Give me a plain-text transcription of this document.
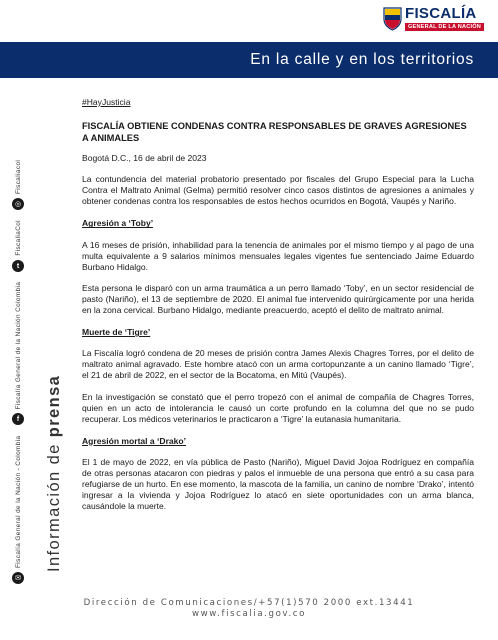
FISCALÍA
GENERAL DE LA NACIÓN
En la calle y en los territorios
Información de prensa
✉
Fiscalía General de la Nación - Colombia
f
Fiscalía General de la Nación Colombia
t
FiscaliaCol
◎
Fiscaliacol
#HayJusticia
FISCALÍA OBTIENE CONDENAS CONTRA RESPONSABLES DE GRAVES AGRESIONES A ANIMALES
Bogotá D.C., 16 de abril de 2023

La contundencia del material probatorio presentado por fiscales del Grupo Especial para la Lucha Contra el Maltrato Animal (Gelma) permitió resolver cinco casos distintos de agresiones a animales y obtener condenas contra los responsables de estos hechos ocurridos en Bogotá, Vaupés y Nariño.

Agresión a ‘Toby’

A 16 meses de prisión, inhabilidad para la tenencia de animales por el mismo tiempo y al pago de una multa equivalente a 9 salarios mínimos mensuales legales vigentes fue sentenciado Jaime Eduardo Burbano Hidalgo.

Esta persona le disparó con un arma traumática a un perro llamado ‘Toby’, en un sector residencial de pasto (Nariño), el 13 de septiembre de 2020. El animal fue intervenido quirúrgicamente por una herida en la zona cervical. Burbano Hidalgo, mediante preacuerdo, aceptó el delito de maltrato animal.

Muerte de ‘Tigre’

La Fiscalía logró condena de 20 meses de prisión contra James Alexis Chagres Torres, por el delito de maltrato animal agravado. Este hombre atacó con un arma cortopunzante a un canino llamado ‘Tigre’, el 21 de abril de 2022, en el sector de la Bocatoma, en Mitú (Vaupés).

En la investigación se constató que el perro tropezó con el animal de compañía de Chagres Torres, quien en un acto de intolerancia le causó un corte profundo en la columna del que no se pudo recuperar. Los médicos veterinarios le practicaron a ‘Tigre’ la eutanasia humanitaria.

Agresión mortal a ‘Drako’

El 1 de mayo de 2022, en vía pública de Pasto (Nariño), Miguel David Jojoa Rodríguez en compañía de otras personas atacaron con piedras y palos el inmueble de una persona que entró a su casa para refugiarse de un hurto. En ese momento, la mascota de la familia, un canino de nombre ‘Drako’, intentó ingresar a la vivienda y Jojoa Rodríguez lo atacó en siete oportunidades con un arma blanca, causándole la muerte.

Dirección de Comunicaciones/+57(1)570 2000 ext.13441
www.fiscalia.gov.co
